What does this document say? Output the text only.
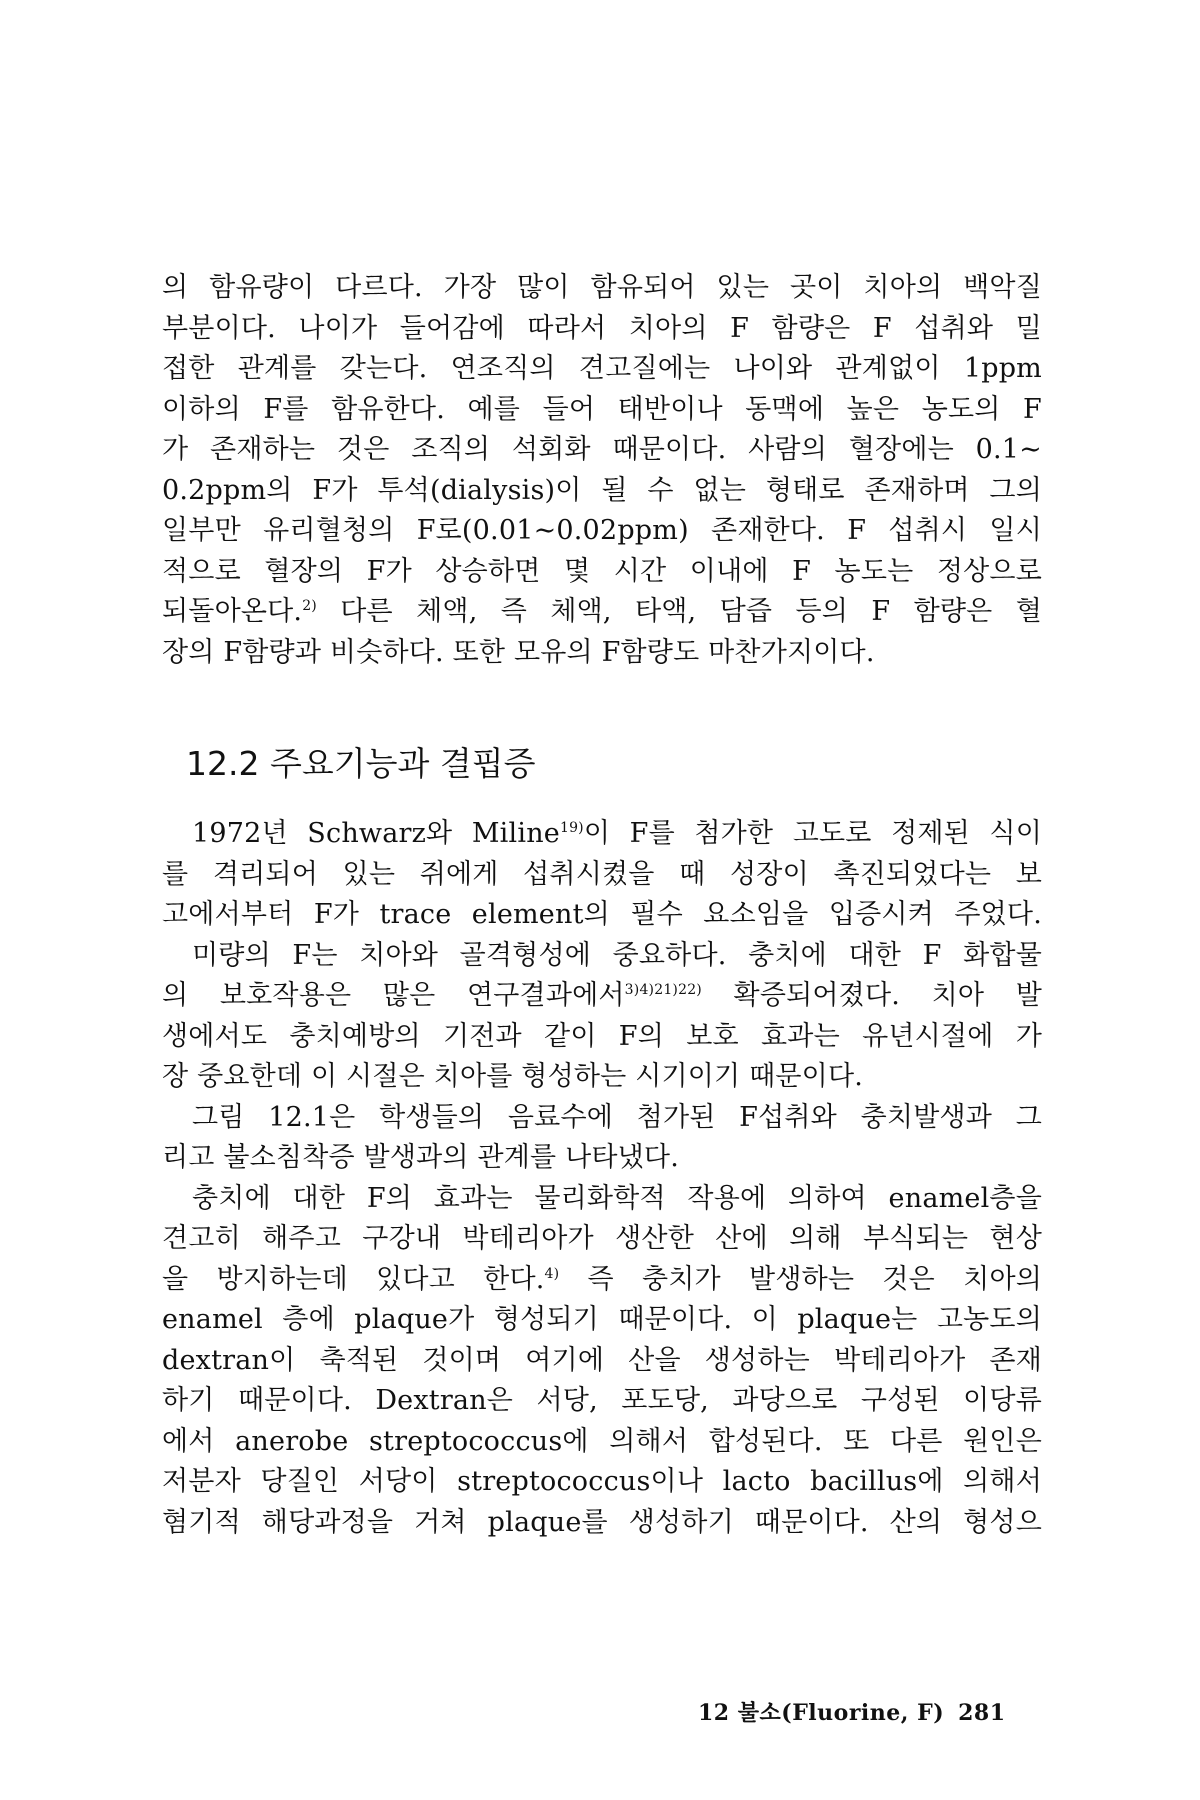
의 함유량이 다르다. 가장 많이 함유되어 있는 곳이 치아의 백악질
부분이다. 나이가 들어감에 따라서 치아의 F 함량은 F 섭취와 밀
접한 관계를 갖는다. 연조직의 견고질에는 나이와 관계없이 1ppm
이하의 F를 함유한다. 예를 들어 태반이나 동맥에 높은 농도의 F
가 존재하는 것은 조직의 석회화 때문이다. 사람의 혈장에는 0.1∼
0.2ppm의 F가 투석(dialysis)이 될 수 없는 형태로 존재하며 그의
일부만 유리혈청의 F로(0.01∼0.02ppm) 존재한다. F 섭취시 일시
적으로 혈장의 F가 상승하면 몇 시간 이내에 F 농도는 정상으로
되돌아온다.$^{2)}$ 다른 체액, 즉 체액, 타액, 담즙 등의 F 함량은 혈
장의 F함량과 비슷하다. 또한 모유의 F함량도 마찬가지이다.
12.2 주요기능과 결핍증
1972년 Schwarz와 Miline$^{19)}$이 F를 첨가한 고도로 정제된 식이
를 격리되어 있는 쥐에게 섭취시켰을 때 성장이 촉진되었다는 보
고에서부터 F가 trace element의 필수 요소임을 입증시켜 주었다.
미량의 F는 치아와 골격형성에 중요하다. 충치에 대한 F 화합물
의 보호작용은 많은 연구결과에서$^{3)4)21)22)}$ 확증되어졌다. 치아 발
생에서도 충치예방의 기전과 같이 F의 보호 효과는 유년시절에 가
장 중요한데 이 시절은 치아를 형성하는 시기이기 때문이다.
그림 12.1은 학생들의 음료수에 첨가된 F섭취와 충치발생과 그
리고 불소침착증 발생과의 관계를 나타냈다.
충치에 대한 F의 효과는 물리화학적 작용에 의하여 enamel층을
견고히 해주고 구강내 박테리아가 생산한 산에 의해 부식되는 현상
을 방지하는데 있다고 한다.$^{4)}$ 즉 충치가 발생하는 것은 치아의
enamel 층에 plaque가 형성되기 때문이다. 이 plaque는 고농도의
dextran이 축적된 것이며 여기에 산을 생성하는 박테리아가 존재
하기 때문이다. Dextran은 서당, 포도당, 과당으로 구성된 이당류
에서 anerobe streptococcus에 의해서 합성된다. 또 다른 원인은
저분자 당질인 서당이 streptococcus이나 lacto bacillus에 의해서
혐기적 해당과정을 거쳐 plaque를 생성하기 때문이다. 산의 형성으
12 불소(Fluorine, F) 281
